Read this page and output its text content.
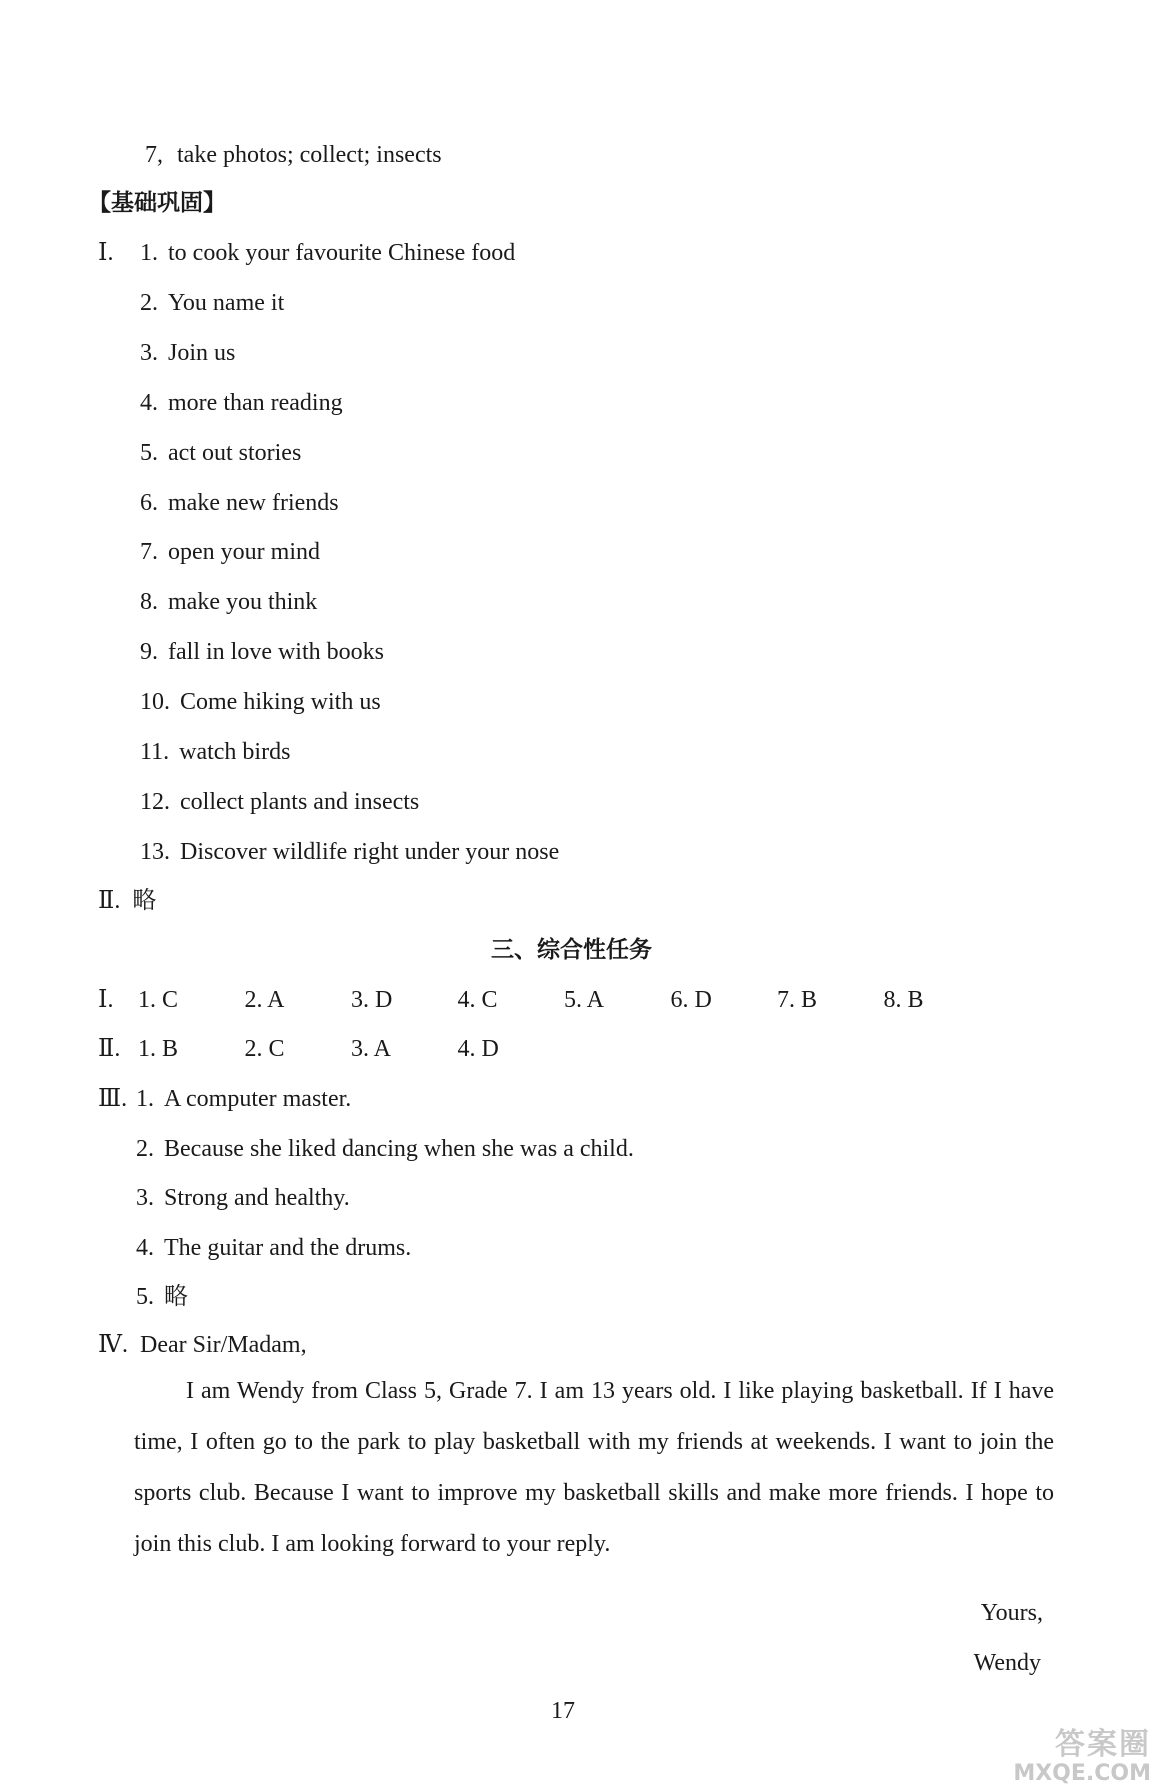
7, take photos; collect; insects
【基础巩固】
Ⅰ. 1. to cook your favourite Chinese food
2. You name it
3. Join us
4. more than reading
5. act out stories
6. make new friends
7. open your mind
8. make you think
9. fall in love with books
10. Come hiking with us
11. watch birds
12. collect plants and insects
13. Discover wildlife right under your nose
Ⅱ. 略
三、综合性任务
Ⅰ. 1. C	2. A	3. D	4. C	5. A	6. D	7. B	8. B
Ⅱ. 1. B	2. C	3. A	4. D
Ⅲ. 1. A computer master.
2. Because she liked dancing when she was a child.
3. Strong and healthy.
4. The guitar and the drums.
5. 略
Ⅳ. Dear Sir/Madam,
I am Wendy from Class 5, Grade 7. I am 13 years old. I like playing basketball. If I have time, I often go to the park to play basketball with my friends at weekends. I want to join the sports club. Because I want to improve my basketball skills and make more friends. I hope to join this club. I am looking forward to your reply.
Yours,
Wendy
17
答案圈
MXQE.COM
